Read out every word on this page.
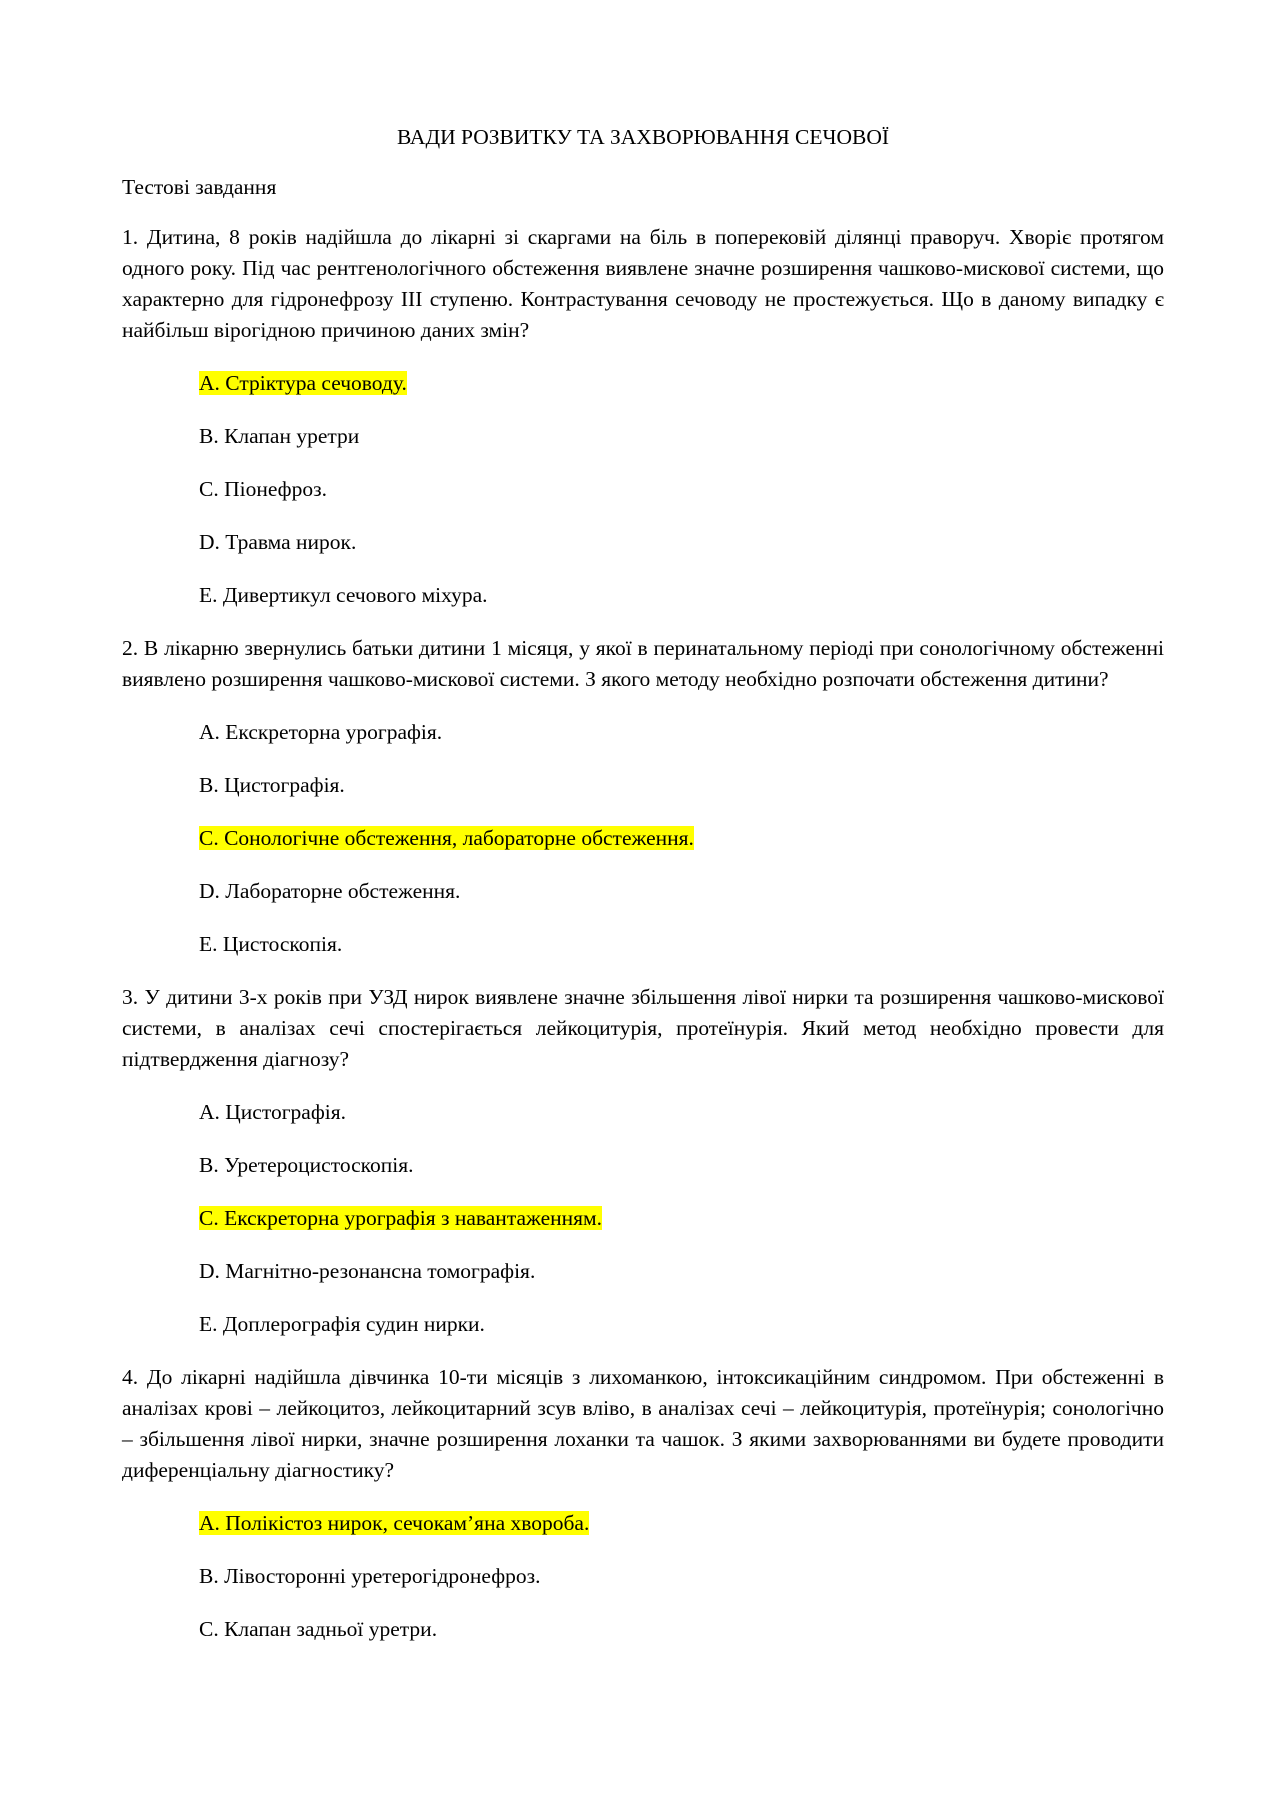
ВАДИ РОЗВИТКУ ТА ЗАХВОРЮВАННЯ СЕЧОВОЇ

Тестові завдання

1. Дитина, 8 років надійшла до лікарні зі скаргами на біль в поперековій ділянці праворуч. Хворіє протягом одного року. Під час рентгенологічного обстеження виявлене значне розширення чашково-мискової системи, що характерно для гідронефрозу ІІІ ступеню. Контрастування сечоводу не простежується. Що в даному випадку є найбільш вірогідною причиною даних змін?

A. Стріктура сечоводу.
B. Клапан уретри
C. Піонефроз.
D. Травма нирок.
E. Дивертикул сечового міхура.

2. В лікарню звернулись батьки дитини 1 місяця, у якої в перинатальному періоді при сонологічному обстеженні виявлено розширення чашково-мискової системи. З якого методу необхідно розпочати обстеження дитини?

A. Екскреторна урографія.
B. Цистографія.
C. Сонологічне обстеження, лабораторне обстеження.
D. Лабораторне обстеження.
E. Цистоскопія.

3. У дитини 3-х років при УЗД нирок виявлене значне збільшення лівої нирки та розширення чашково-мискової системи, в аналізах сечі спостерігається лейкоцитурія, протеїнурія. Який метод необхідно провести для підтвердження діагнозу?

A. Цистографія.
B. Уретероцистоскопія.
C. Екскреторна урографія з навантаженням.
D. Магнітно-резонансна томографія.
E. Доплерографія судин нирки.

4. До лікарні надійшла дівчинка 10-ти місяців з лихоманкою, інтоксикаційним синдромом. При обстеженні в аналізах крові – лейкоцитоз, лейкоцитарний зсув вліво, в аналізах сечі – лейкоцитурія, протеїнурія; сонологічно – збільшення лівої нирки, значне розширення лоханки та чашок. З якими захворюваннями ви будете проводити диференціальну діагностику?

A. Полікістоз нирок, сечокам’яна хвороба.
B. Лівосторонні уретерогідронефроз.
C. Клапан задньої уретри.
